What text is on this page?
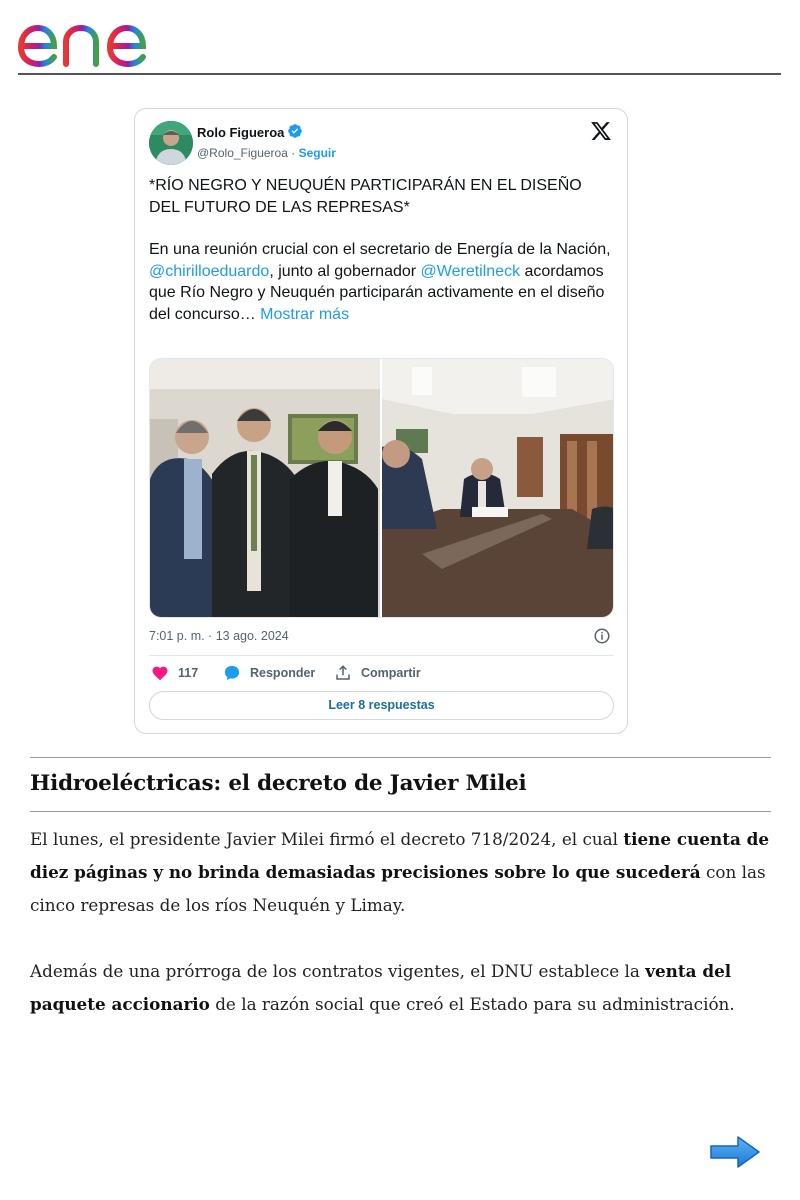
Rolo Figueroa
@Rolo_Figueroa · Seguir

*RÍO NEGRO Y NEUQUÉN PARTICIPARÁN EN EL DISEÑO DEL FUTURO DE LAS REPRESAS*

En una reunión crucial con el secretario de Energía de la Nación, @chirilloeduardo, junto al gobernador @Weretilneck acordamos que Río Negro y Neuquén participarán activamente en el diseño del concurso… Mostrar más

7:01 p. m. · 13 ago. 2024
117	Responder	Compartir
Leer 8 respuestas
Hidroeléctricas: el decreto de Javier Milei

El lunes, el presidente Javier Milei firmó el decreto 718/2024, el cual tiene cuenta de diez páginas y no brinda demasiadas precisiones sobre lo que sucederá con las cinco represas de los ríos Neuquén y Limay.

Además de una prórroga de los contratos vigentes, el DNU establece la venta del paquete accionario de la razón social que creó el Estado para su administración.
